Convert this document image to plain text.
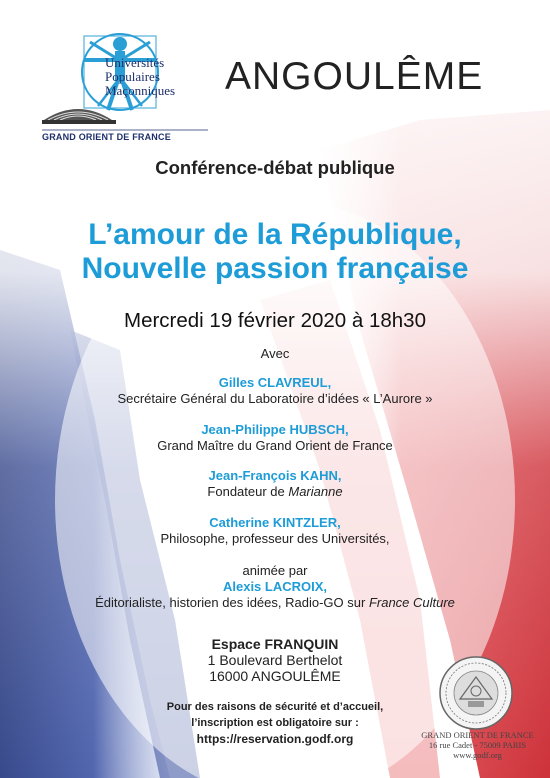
Universités
Populaires
Maçonniques
GRAND ORIENT DE FRANCE
ANGOULÊME
Conférence-débat publique
L’amour de la République,
Nouvelle passion française
Mercredi 19 février 2020 à 18h30
Avec
Gilles CLAVREUL,
Secrétaire Général du Laboratoire d’idées « L’Aurore »
Jean-Philippe HUBSCH,
Grand Maître du Grand Orient de France
Jean-François KAHN,
Fondateur de Marianne
Catherine KINTZLER,
Philosophe, professeur des Universités,
animée par
Alexis LACROIX,
Éditorialiste, historien des idées, Radio-GO sur France Culture
Espace FRANQUIN
1 Boulevard Berthelot
16000 ANGOULÊME
Pour des raisons de sécurité et d’accueil,
l’inscription est obligatoire sur :
https://reservation.godf.org	GRAND ORIENT DE FRANCE
16 rue Cadet - 75009 PARIS
www.godf.org
